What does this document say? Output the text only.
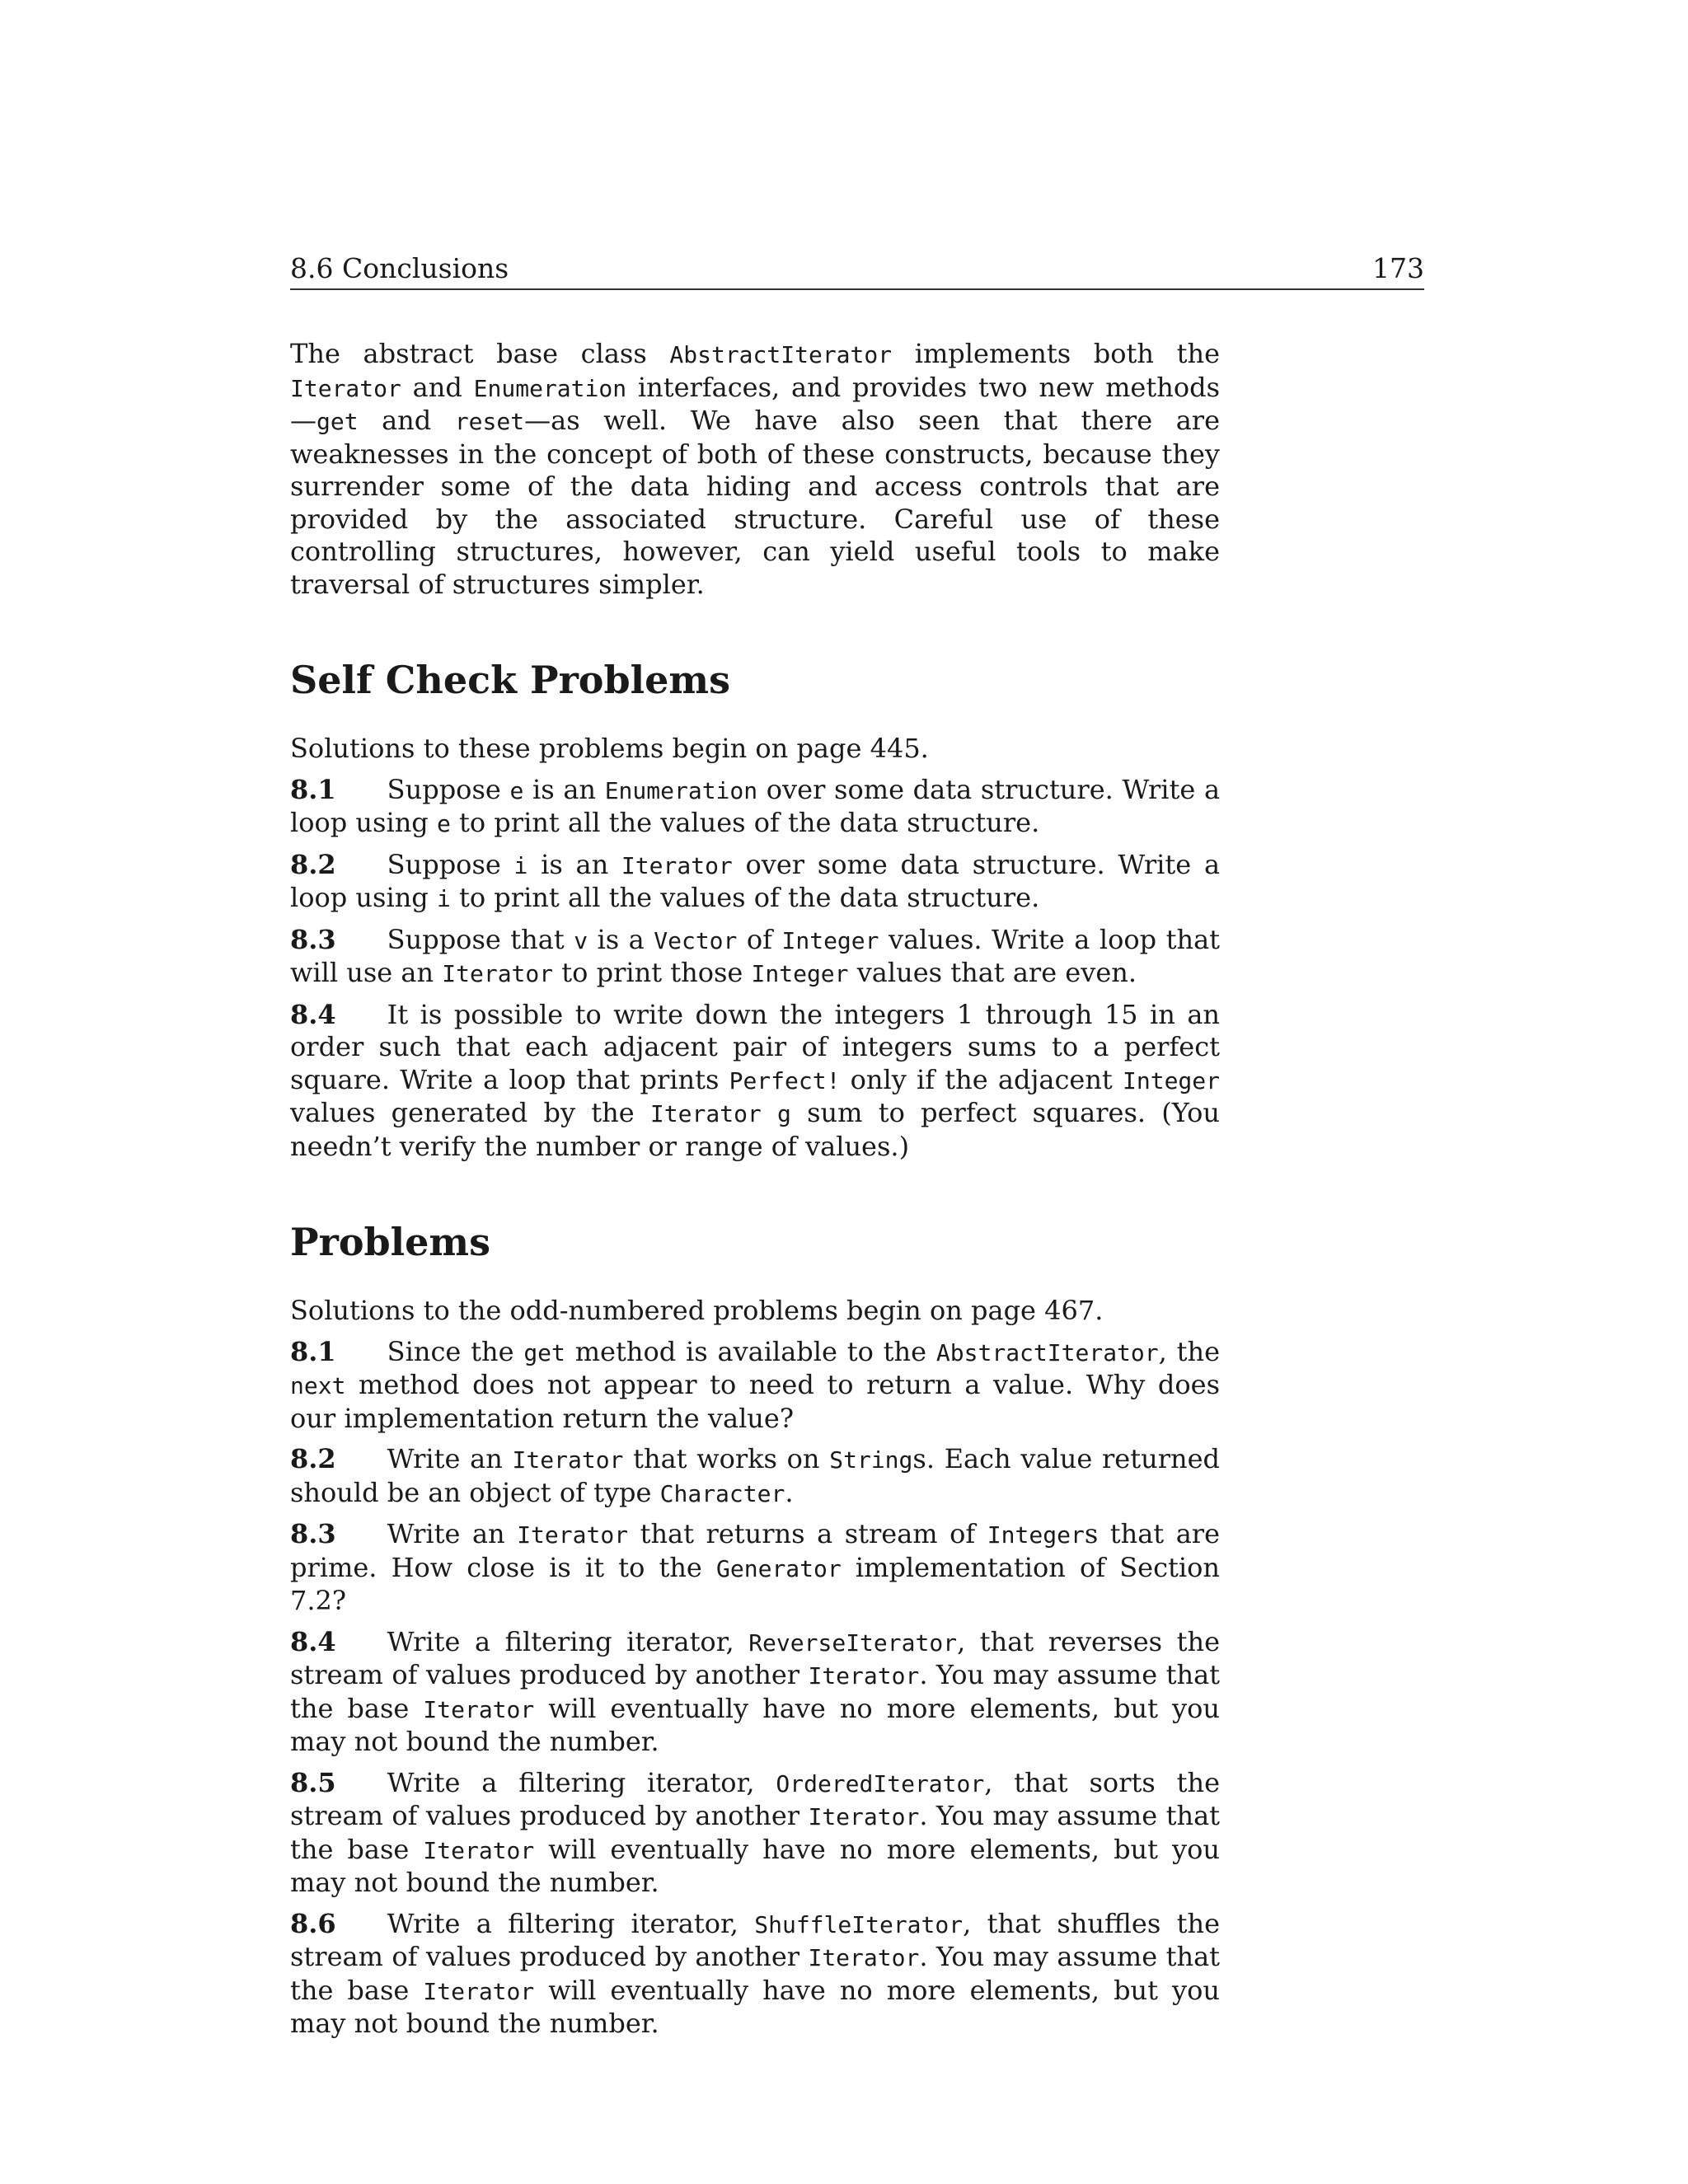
8.6 Conclusions	173

The abstract base class AbstractIterator implements both the Iterator and Enumeration interfaces, and provides two new methods—get and reset—as well. We have also seen that there are weaknesses in the concept of both of these constructs, because they surrender some of the data hiding and access controls that are provided by the associated structure. Careful use of these controlling structures, however, can yield useful tools to make traversal of structures simpler.

Self Check Problems

Solutions to these problems begin on page 445.

8.1 Suppose e is an Enumeration over some data structure. Write a loop using e to print all the values of the data structure.

8.2 Suppose i is an Iterator over some data structure. Write a loop using i to print all the values of the data structure.

8.3 Suppose that v is a Vector of Integer values. Write a loop that will use an Iterator to print those Integer values that are even.

8.4 It is possible to write down the integers 1 through 15 in an order such that each adjacent pair of integers sums to a perfect square. Write a loop that prints Perfect! only if the adjacent Integer values generated by the Iterator g sum to perfect squares. (You needn’t verify the number or range of values.)

Problems

Solutions to the odd-numbered problems begin on page 467.

8.1 Since the get method is available to the AbstractIterator, the next method does not appear to need to return a value. Why does our implementation return the value?

8.2 Write an Iterator that works on Strings. Each value returned should be an object of type Character.

8.3 Write an Iterator that returns a stream of Integers that are prime. How close is it to the Generator implementation of Section 7.2?

8.4 Write a filtering iterator, ReverseIterator, that reverses the stream of values produced by another Iterator. You may assume that the base Iterator will eventually have no more elements, but you may not bound the number.

8.5 Write a filtering iterator, OrderedIterator, that sorts the stream of values produced by another Iterator. You may assume that the base Iterator will eventually have no more elements, but you may not bound the number.

8.6 Write a filtering iterator, ShuffleIterator, that shuffles the stream of values produced by another Iterator. You may assume that the base Iterator will eventually have no more elements, but you may not bound the number.
